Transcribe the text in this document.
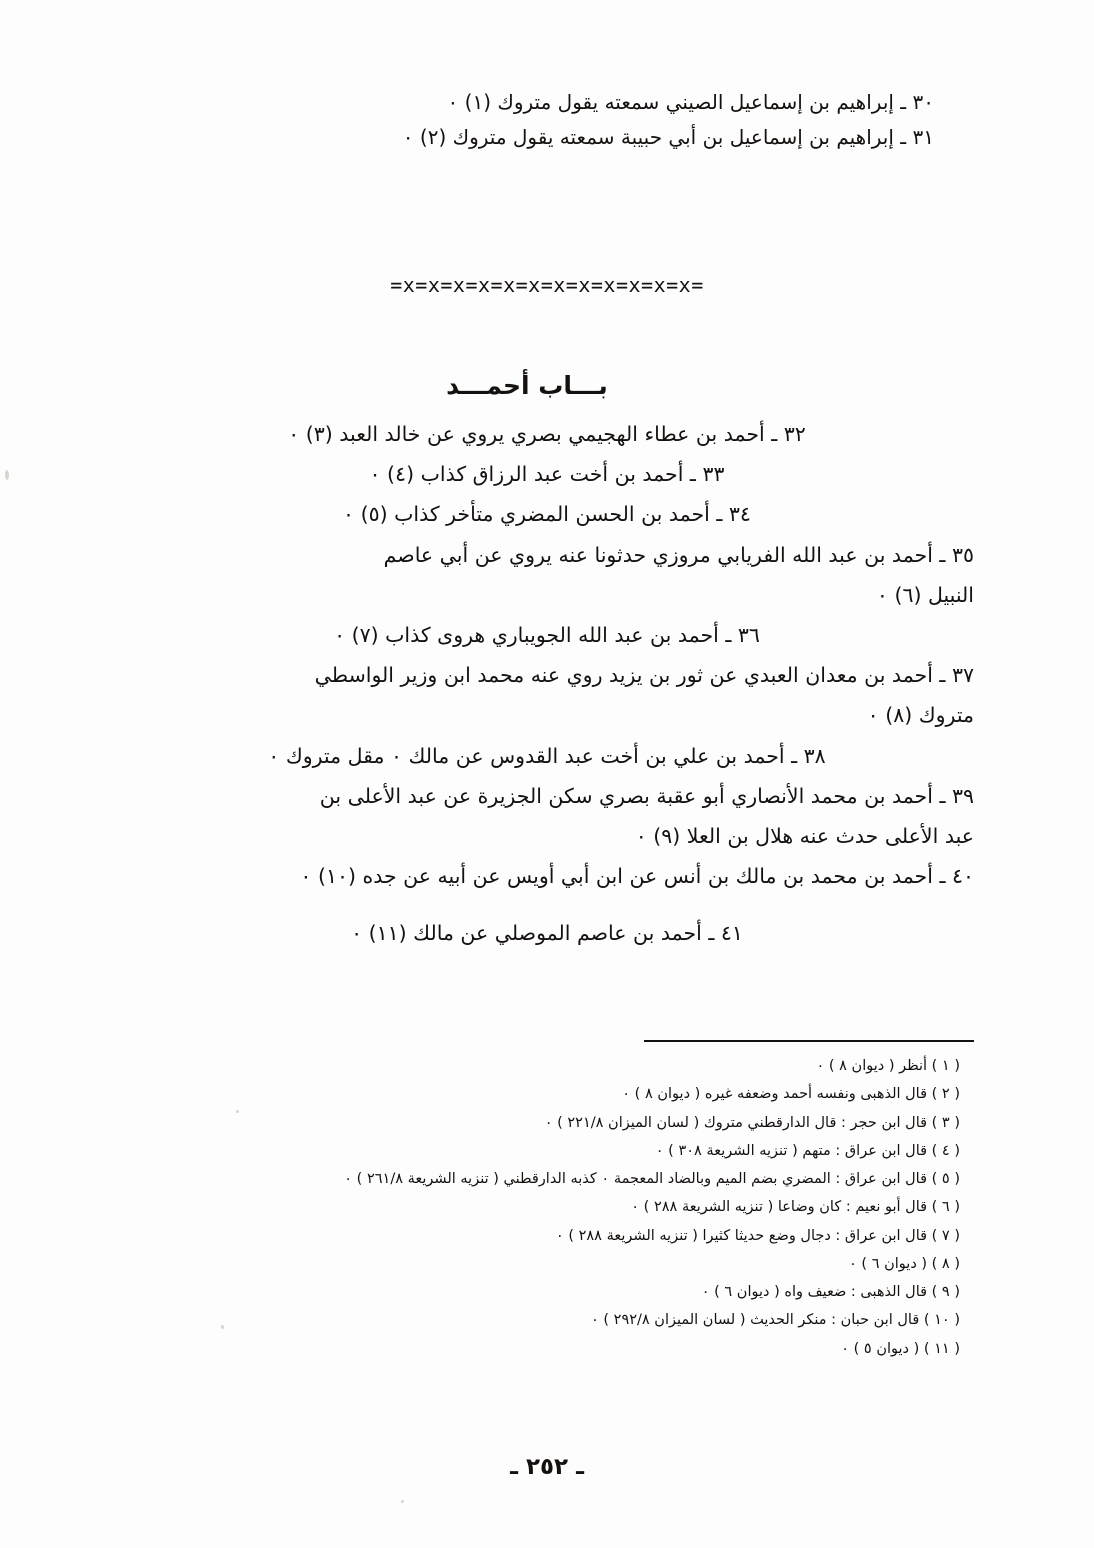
٣٠ ـ إبراهيم بن إسماعيل الصيني سمعته يقول متروك (١) ٠

٣١ ـ إبراهيم بن إسماعيل بن أبي حبيبة سمعته يقول متروك (٢) ٠

=x=x=x=x=x=x=x=x=x=x=x=x=
بـــاب أحمـــد

٣٢ ـ أحمد بن عطاء الهجيمي بصري يروي عن خالد العبد (٣) ٠

٣٣ ـ أحمد بن أخت عبد الرزاق كذاب (٤) ٠

٣٤ ـ أحمد بن الحسن المضري متأخر كذاب (٥) ٠

٣٥ ـ أحمد بن عبد الله الفريابي مروزي حدثونا عنه يروي عن أبي عاصم

النبيل (٦) ٠

٣٦ ـ أحمد بن عبد الله الجويباري هروى كذاب (٧) ٠

٣٧ ـ أحمد بن معدان العبدي عن ثور بن يزيد روي عنه محمد ابن وزير الواسطي

متروك (٨) ٠

٣٨ ـ أحمد بن علي بن أخت عبد القدوس عن مالك ٠ مقل متروك ٠

٣٩ ـ أحمد بن محمد الأنصاري أبو عقبة بصري سكن الجزيرة عن عبد الأعلى بن

عبد الأعلى حدث عنه هلال بن العلا (٩) ٠

٤٠ ـ أحمد بن محمد بن مالك بن أنس عن ابن أبي أويس عن أبيه عن جده (١٠) ٠

٤١ ـ أحمد بن عاصم الموصلي عن مالك (١١) ٠

( ١ ) أنظر ( ديوان ٨ ) ٠

( ٢ ) قال الذهبى ونفسه أحمد وضعفه غيره ( ديوان ٨ ) ٠

( ٣ ) قال ابن حجر : قال الدارقطني متروك ( لسان الميزان ٢٢١/٨ ) ٠

( ٤ ) قال ابن عراق : متهم ( تنزيه الشريعة ٣٠٨ ) ٠

( ٥ ) قال ابن عراق : المضري بضم الميم وبالضاد المعجمة ٠ كذبه الدارقطني ( تنزيه الشريعة ٢٦١/٨ ) ٠

( ٦ ) قال أبو نعيم : كان وضاعا ( تنزيه الشريعة ٢٨٨ ) ٠

( ٧ ) قال ابن عراق : دجال وضع حديثا كثيرا ( تنزيه الشريعة ٢٨٨ ) ٠

( ٨ ) ( ديوان ٦ ) ٠

( ٩ ) قال الذهبى : ضعيف واه ( ديوان ٦ ) ٠

( ١٠ ) قال ابن حبان : منكر الحديث ( لسان الميزان ٢٩٢/٨ ) ٠

( ١١ ) ( ديوان ٥ ) ٠

ـ ٢٥٢ ـ
